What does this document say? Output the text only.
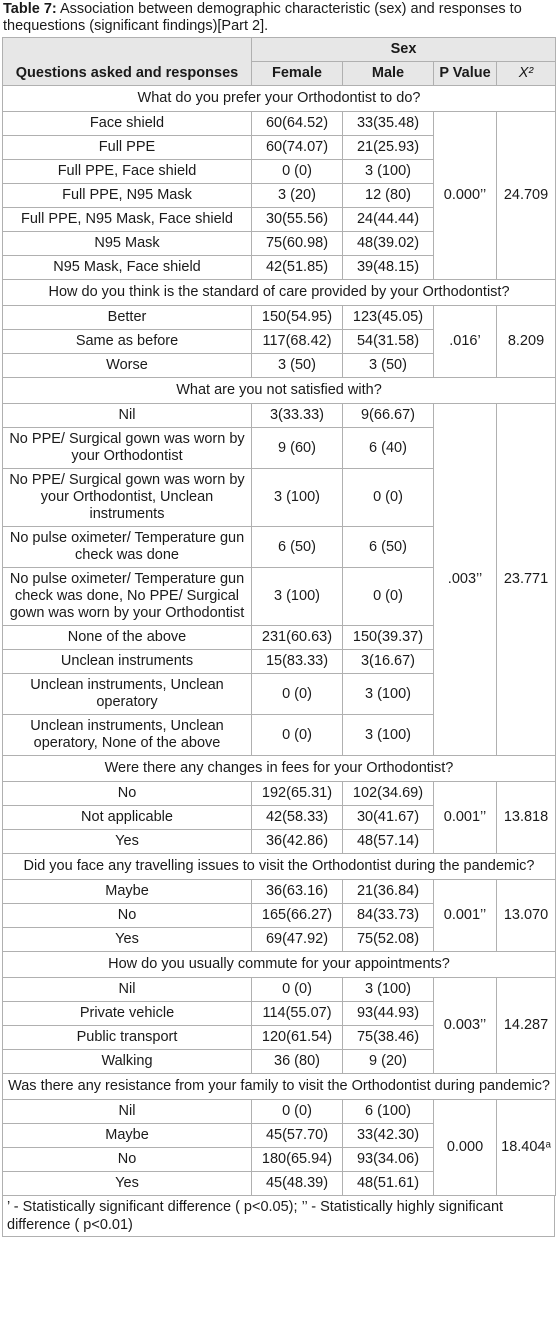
Table 7: Association between demographic characteristic (sex) and responses to thequestions (significant findings)[Part 2].
	Sex			
Questions asked and responses	Female	Male	P Value	X²
What do you prefer your Orthodontist to do?				
Face shield	60(64.52)	33(35.48)	0.000’’	24.709
Full PPE	60(74.07)	21(25.93)		
Full PPE, Face shield	0 (0)	3 (100)		
Full PPE, N95 Mask	3 (20)	12 (80)		
Full PPE, N95 Mask, Face shield	30(55.56)	24(44.44)		
N95 Mask	75(60.98)	48(39.02)		
N95 Mask, Face shield	42(51.85)	39(48.15)		
How do you think is the standard of care provided by your Orthodontist?				
Better	150(54.95)	123(45.05)	.016’	8.209
Same as before	117(68.42)	54(31.58)		
Worse	3 (50)	3 (50)		
What are you not satisfied with?				
Nil	3(33.33)	9(66.67)	.003’’	23.771
No PPE/ Surgical gown was worn by your Orthodontist	9 (60)	6 (40)		
No PPE/ Surgical gown was worn by your Orthodontist, Unclean instruments	3 (100)	0 (0)		
No pulse oximeter/ Temperature gun check was done	6 (50)	6 (50)		
No pulse oximeter/ Temperature gun check was done, No PPE/ Surgical gown was worn by your Orthodontist	3 (100)	0 (0)		
None of the above	231(60.63)	150(39.37)		
Unclean instruments	15(83.33)	3(16.67)		
Unclean instruments, Unclean operatory	0 (0)	3 (100)		
Unclean instruments, Unclean operatory, None of the above	0 (0)	3 (100)		
Were there any changes in fees for your Orthodontist?				
No	192(65.31)	102(34.69)	0.001’’	13.818
Not applicable	42(58.33)	30(41.67)		
Yes	36(42.86)	48(57.14)		
Did you face any travelling issues to visit the Orthodontist during the pandemic?				
Maybe	36(63.16)	21(36.84)	0.001’’	13.070
No	165(66.27)	84(33.73)		
Yes	69(47.92)	75(52.08)		
How do you usually commute for your appointments?				
Nil	0 (0)	3 (100)	0.003’’	14.287
Private vehicle	114(55.07)	93(44.93)		
Public transport	120(61.54)	75(38.46)		
Walking	36 (80)	9 (20)		
Was there any resistance from your family to visit the Orthodontist during pandemic?				
Nil	0 (0)	6 (100)	0.000	18.404ᵃ
Maybe	45(57.70)	33(42.30)		
No	180(65.94)	93(34.06)		
Yes	45(48.39)	48(51.61)		
’ - Statistically significant difference ( p<0.05); ’’ - Statistically highly significant difference ( p<0.01)
